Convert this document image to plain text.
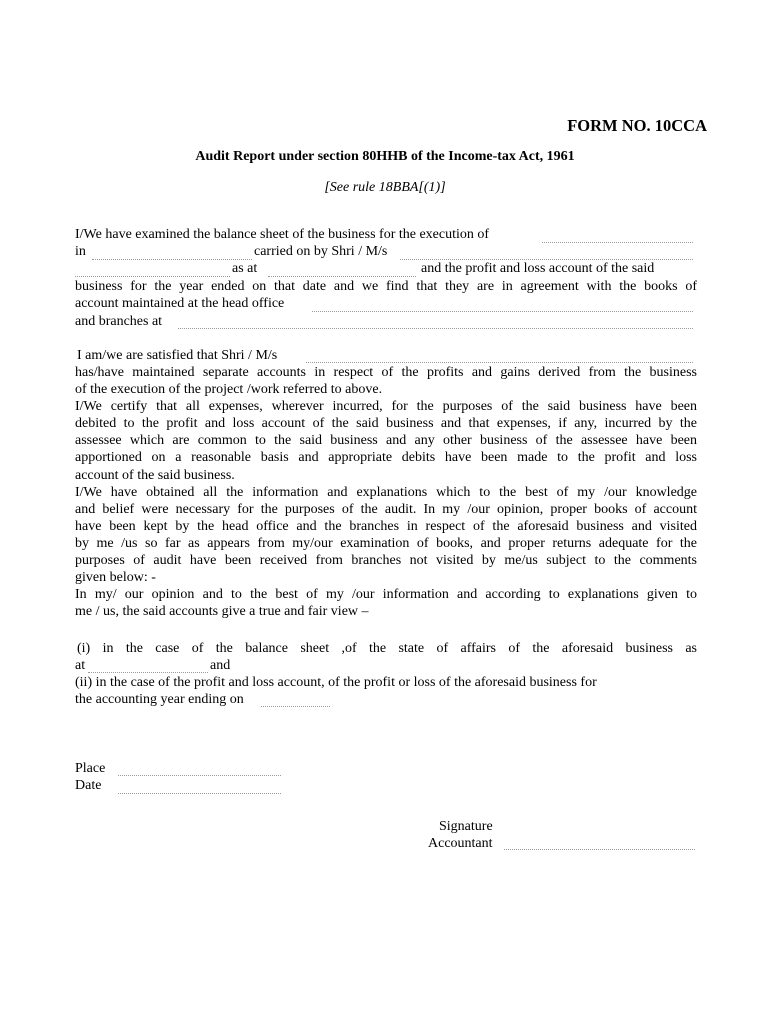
FORM NO. 10CCA
Audit Report under section 80HHB of the Income-tax Act, 1961
[See rule 18BBA[(1)]
I/We have examined the balance sheet of the business for the execution of
in	carried on by Shri / M/s
as at	and the profit and loss account of the said
business for the year ended on that date and we find that they are in agreement with the books of
account maintained at the head office
and branches at
I am/we are satisfied that Shri / M/s
has/have maintained separate accounts in respect of the profits and gains derived from the business
of the execution of the project /work referred to above.
I/We certify that all expenses, wherever incurred, for the purposes of the said business have been
debited to the profit and loss account of the said business and that expenses, if any, incurred by the
assessee which are common to the said business and any other business of the assessee have been
apportioned on a reasonable basis and appropriate debits have been made to the profit and loss
account of the said business.
I/We have obtained all the information and explanations which to the best of my /our knowledge
and belief were necessary for the purposes of the audit. In my /our opinion, proper books of account
have been kept by the head office and the branches in respect of the aforesaid business and visited
by me /us so far as appears from my/our examination of books, and proper returns adequate for the
purposes of audit have been received from branches not visited by me/us subject to the comments
given below: -
In my/ our opinion and to the best of my /our information and according to explanations given to
me / us, the said accounts give a true and fair view –
(i) in the case of the balance sheet ,of the state of affairs of the aforesaid business as
at	and
(ii) in the case of the profit and loss account, of the profit or loss of the aforesaid business for
the accounting year ending on
Place
Date
Signature
Accountant
